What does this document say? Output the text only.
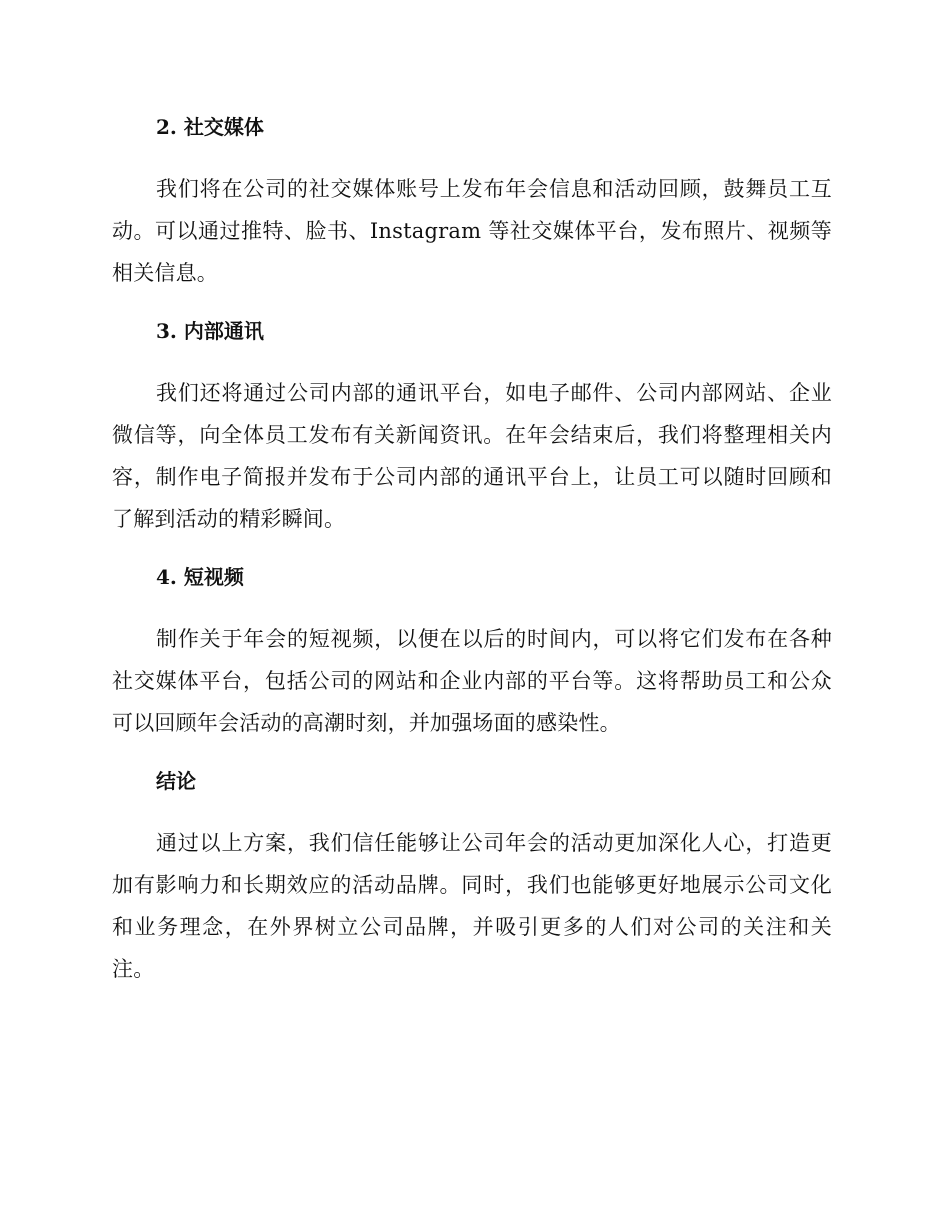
2. 社交媒体

我们将在公司的社交媒体账号上发布年会信息和活动回顾，鼓舞员工互动。可以通过推特、脸书、Instagram 等社交媒体平台，发布照片、视频等相关信息。

3. 内部通讯

我们还将通过公司内部的通讯平台，如电子邮件、公司内部网站、企业微信等，向全体员工发布有关新闻资讯。在年会结束后，我们将整理相关内容，制作电子简报并发布于公司内部的通讯平台上，让员工可以随时回顾和了解到活动的精彩瞬间。

4. 短视频

制作关于年会的短视频，以便在以后的时间内，可以将它们发布在各种社交媒体平台，包括公司的网站和企业内部的平台等。这将帮助员工和公众可以回顾年会活动的高潮时刻，并加强场面的感染性。

结论

通过以上方案，我们信任能够让公司年会的活动更加深化人心，打造更加有影响力和长期效应的活动品牌。同时，我们也能够更好地展示公司文化和业务理念，在外界树立公司品牌，并吸引更多的人们对公司的关注和关注。
